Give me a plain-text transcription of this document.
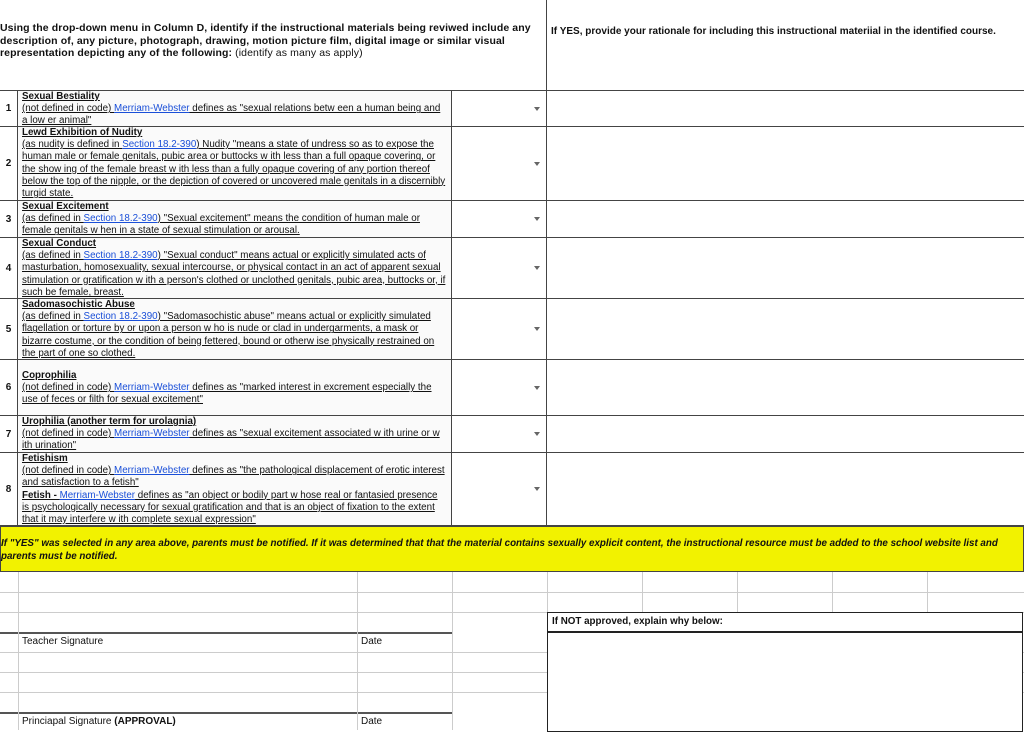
Using the drop-down menu in Column D, identify if the instructional materials being reviwed include any description of, any picture, photograph, drawing, motion picture film, digital image or similar visual representation depicting any of the following: (identify as many as apply)
If YES, provide your rationale for including this instructional materiial in the identified course.
1
Sexual Bestiality
(not defined in code) Merriam-Webster defines as "sexual relations betw een a human being and a low er animal"
2
Lewd Exhibition of Nudity
(as nudity is defined in Section 18.2-390) Nudity "means a state of undress so as to expose the human male or female genitals, pubic area or buttocks w ith less than a full opaque covering, or the show ing of the female breast w ith less than a fully opaque covering of any portion thereof below the top of the nipple, or the depiction of covered or uncovered male genitals in a discernibly turgid state.
3
Sexual Excitement
(as defined in Section 18.2-390) "Sexual excitement" means the condition of human male or female genitals w hen in a state of sexual stimulation or arousal.
4
Sexual Conduct
(as defined in Section 18.2-390) "Sexual conduct" means actual or explicitly simulated acts of masturbation, homosexuality, sexual intercourse, or physical contact in an act of apparent sexual stimulation or gratification w ith a person's clothed or unclothed genitals, pubic area, buttocks or, if such be female, breast.
5
Sadomasochistic Abuse
(as defined in Section 18.2-390) "Sadomasochistic abuse" means actual or explicitly simulated flagellation or torture by or upon a person w ho is nude or clad in undergarments, a mask or bizarre costume, or the condition of being fettered, bound or otherw ise physically restrained on the part of one so clothed.
6
Coprophilia
(not defined in code) Merriam-Webster defines as "marked interest in excrement especially the use of feces or filth for sexual excitement"
7
Urophilia (another term for urolagnia)
(not defined in code) Merriam-Webster defines as "sexual excitement associated w ith urine or w ith urination"
8
Fetishism
(not defined in code) Merriam-Webster defines as "the pathological displacement of erotic interest and satisfaction to a fetish"
Fetish - Merriam-Webster defines as "an object or bodily part w hose real or fantasied presence is psychologically necessary for sexual gratification and that is an object of fixation to the extent that it may interfere w ith complete sexual expression"
If "YES" was selected in any area above, parents must be notified. If it was determined that that the material contains sexually explicit content, the instructional resource must be added to the school website list and parents must be notified.
Teacher Signature	Date
Princiapal Signature (APPROVAL)	Date
If NOT approved, explain why below:
